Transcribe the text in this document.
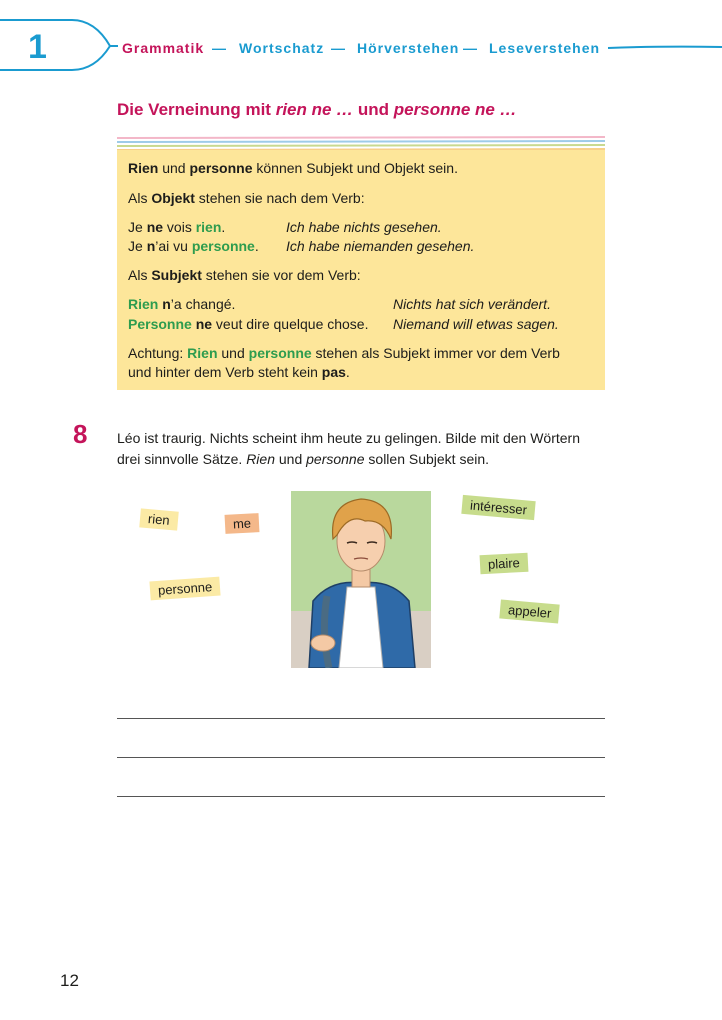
1	Grammatik — Wortschatz — Hörverstehen — Leseverstehen
Die Verneinung mit rien ne … und personne ne …
Rien und personne können Subjekt und Objekt sein.
Als Objekt stehen sie nach dem Verb:
Je ne vois rien.	Ich habe nichts gesehen.
Je n’ai vu personne. Ich habe niemanden gesehen.
Als Subjekt stehen sie vor dem Verb:
Rien n’a changé.	Nichts hat sich verändert.
Personne ne veut dire quelque chose. Niemand will etwas sagen.
Achtung: Rien und personne stehen als Subjekt immer vor dem Verb
und hinter dem Verb steht kein pas.
8 Léo ist traurig. Nichts scheint ihm heute zu gelingen. Bilde mit den Wörtern
drei sinnvolle Sätze. Rien und personne sollen Subjekt sein.
rien	me
personne
intéresser
plaire
appeler
12
